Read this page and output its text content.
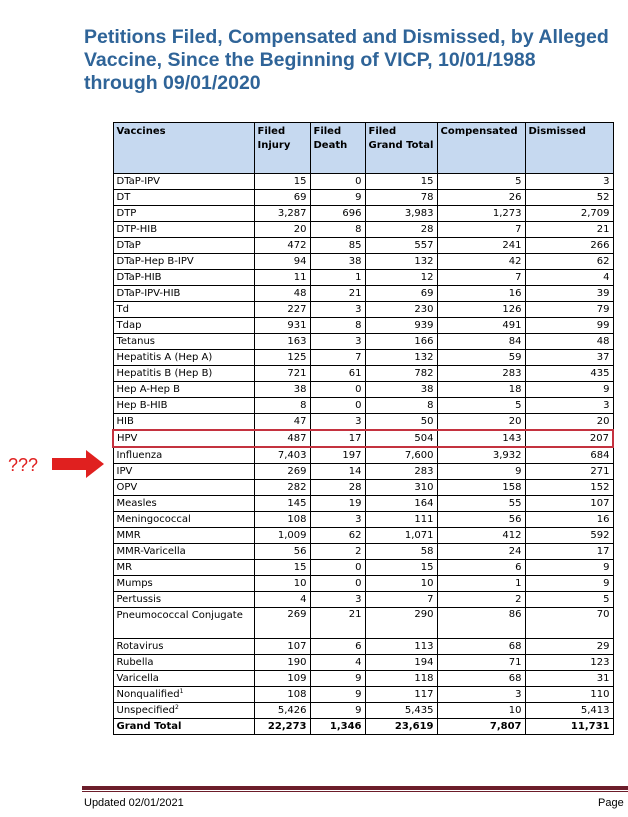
Petitions Filed, Compensated and Dismissed, by Alleged Vaccine, Since the Beginning of VICP, 10/01/1988 through 09/01/2020
Vaccines	Filed Injury	Filed Death	Filed Grand Total	Compensated	Dismissed
DTaP-IPV	15	0	15	5	3
DT	69	9	78	26	52
DTP	3,287	696	3,983	1,273	2,709
DTP-HIB	20	8	28	7	21
DTaP	472	85	557	241	266
DTaP-Hep B-IPV	94	38	132	42	62
DTaP-HIB	11	1	12	7	4
DTaP-IPV-HIB	48	21	69	16	39
Td	227	3	230	126	79
Tdap	931	8	939	491	99
Tetanus	163	3	166	84	48
Hepatitis A (Hep A)	125	7	132	59	37
Hepatitis B (Hep B)	721	61	782	283	435
Hep A-Hep B	38	0	38	18	9
Hep B-HIB	8	0	8	5	3
HIB	47	3	50	20	20
HPV	487	17	504	143	207
Influenza	7,403	197	7,600	3,932	684
IPV	269	14	283	9	271
OPV	282	28	310	158	152
Measles	145	19	164	55	107
Meningococcal	108	3	111	56	16
MMR	1,009	62	1,071	412	592
MMR-Varicella	56	2	58	24	17
MR	15	0	15	6	9
Mumps	10	0	10	1	9
Pertussis	4	3	7	2	5
Pneumococcal Conjugate	269	21	290	86	70
Rotavirus	107	6	113	68	29
Rubella	190	4	194	71	123
Varicella	109	9	118	68	31
Nonqualified$^1$	108	9	117	3	110
Unspecified$^2$	5,426	9	5,435	10	5,413
Grand Total	22,273	1,346	23,619	7,807	11,731
???
Updated 02/01/2021	Page
